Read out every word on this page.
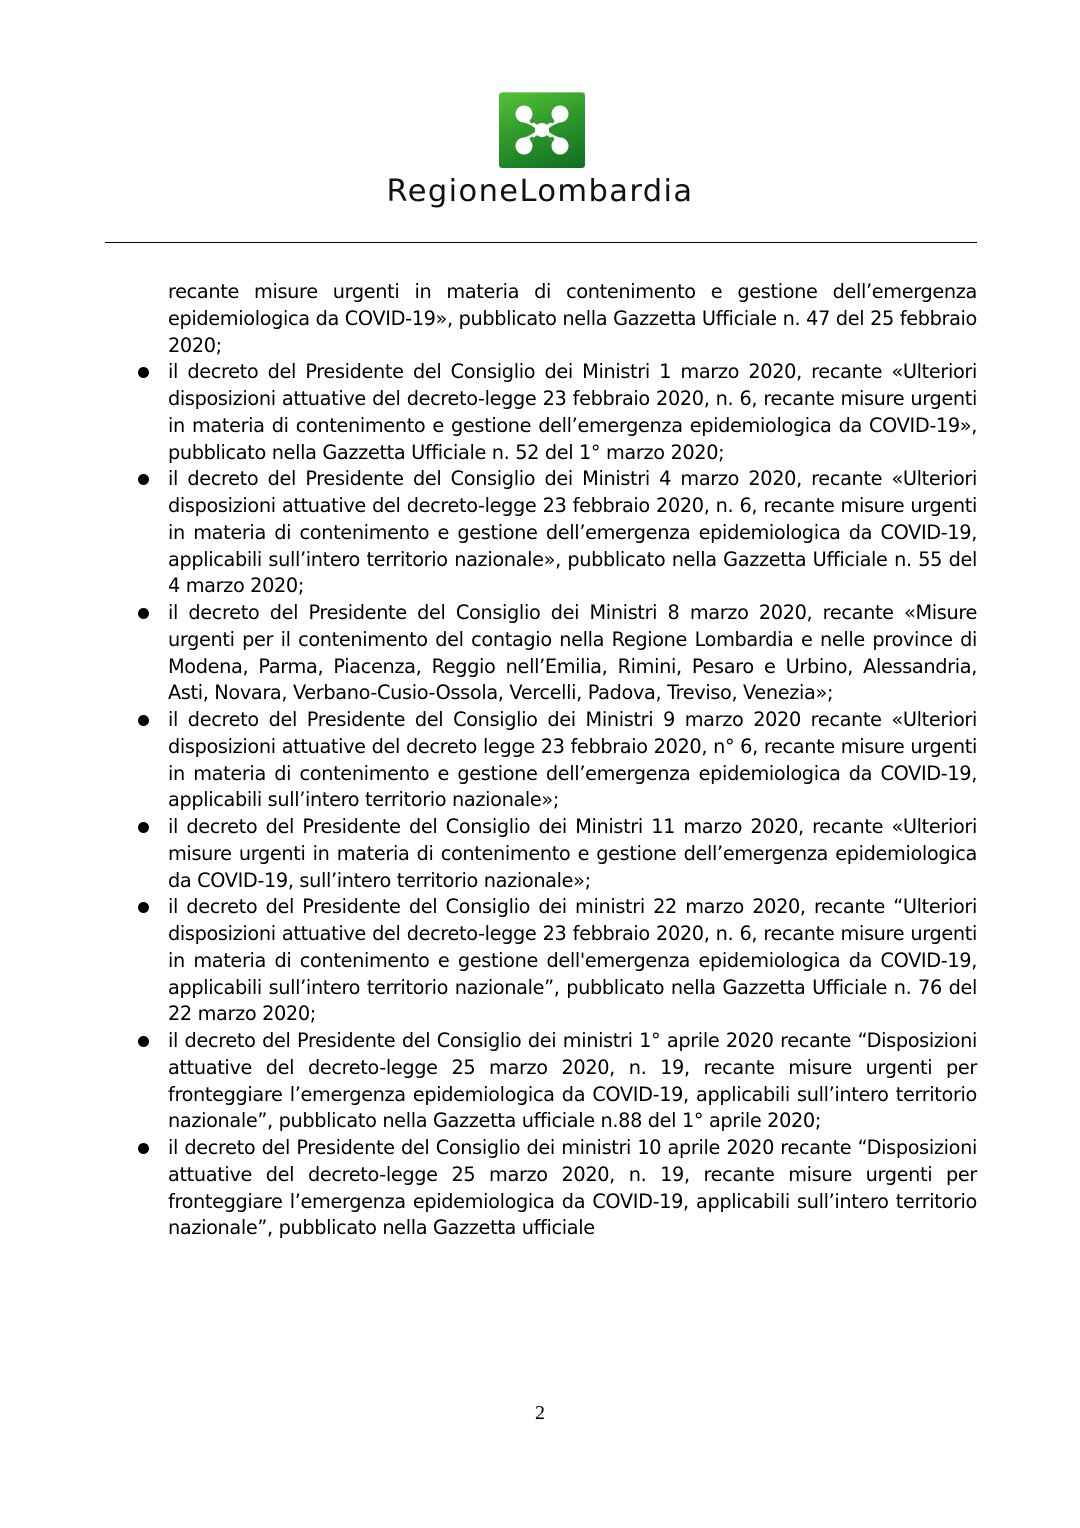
RegioneLombardia
recante misure urgenti in materia di contenimento e gestione dell’emergenza epidemiologica da COVID-19», pubblicato nella Gazzetta Ufficiale n. 47 del 25 febbraio 2020;
il decreto del Presidente del Consiglio dei Ministri 1 marzo 2020, recante «Ulteriori disposizioni attuative del decreto-legge 23 febbraio 2020, n. 6, recante misure urgenti in materia di contenimento e gestione dell’emergenza epidemiologica da COVID-19», pubblicato nella Gazzetta Ufficiale n. 52 del 1° marzo 2020;
il decreto del Presidente del Consiglio dei Ministri 4 marzo 2020, recante «Ulteriori disposizioni attuative del decreto-legge 23 febbraio 2020, n. 6, recante misure urgenti in materia di contenimento e gestione dell’emergenza epidemiologica da COVID-19, applicabili sull’intero territorio nazionale», pubblicato nella Gazzetta Ufficiale n. 55 del 4 marzo 2020;
il decreto del Presidente del Consiglio dei Ministri 8 marzo 2020, recante «Misure urgenti per il contenimento del contagio nella Regione Lombardia e nelle province di Modena, Parma, Piacenza, Reggio nell’Emilia, Rimini, Pesaro e Urbino, Alessandria, Asti, Novara, Verbano-Cusio-Ossola, Vercelli, Padova, Treviso, Venezia»;
il decreto del Presidente del Consiglio dei Ministri 9 marzo 2020 recante «Ulteriori disposizioni attuative del decreto legge 23 febbraio 2020, n° 6, recante misure urgenti in materia di contenimento e gestione dell’emergenza epidemiologica da COVID-19, applicabili sull’intero territorio nazionale»;
il decreto del Presidente del Consiglio dei Ministri 11 marzo 2020, recante «Ulteriori misure urgenti in materia di contenimento e gestione dell’emergenza epidemiologica da COVID-19, sull’intero territorio nazionale»;
il decreto del Presidente del Consiglio dei ministri 22 marzo 2020, recante “Ulteriori disposizioni attuative del decreto-legge 23 febbraio 2020, n. 6, recante misure urgenti in materia di contenimento e gestione dell'emergenza epidemiologica da COVID-19, applicabili sull’intero territorio nazionale”, pubblicato nella Gazzetta Ufficiale n. 76 del 22 marzo 2020;
il decreto del Presidente del Consiglio dei ministri 1° aprile 2020 recante “Disposizioni attuative del decreto-legge 25 marzo 2020, n. 19, recante misure urgenti per fronteggiare l’emergenza epidemiologica da COVID-19, applicabili sull’intero territorio nazionale”, pubblicato nella Gazzetta ufficiale n.88 del 1° aprile 2020;
il decreto del Presidente del Consiglio dei ministri 10 aprile 2020 recante “Disposizioni attuative del decreto-legge 25 marzo 2020, n. 19, recante misure urgenti per fronteggiare l’emergenza epidemiologica da COVID-19, applicabili sull’intero territorio nazionale”, pubblicato nella Gazzetta ufficiale
2
